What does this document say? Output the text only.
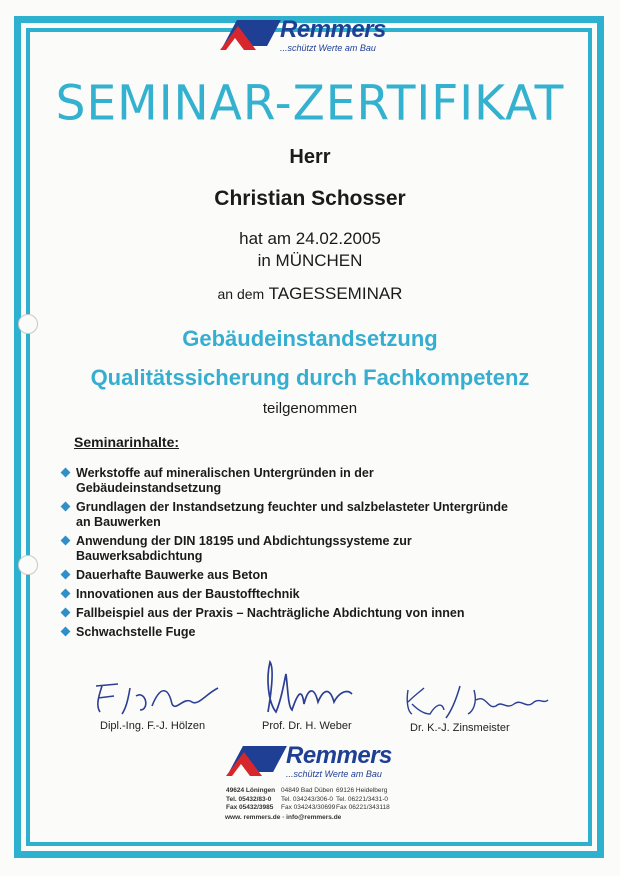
Remmers
...schützt Werte am Bau
SEMINAR-ZERTIFIKAT
Herr
Christian Schosser
hat am 24.02.2005
in MÜNCHEN
an dem TAGESSEMINAR
Gebäudeinstandsetzung
Qualitätssicherung durch Fachkompetenz
teilgenommen
Seminarinhalte:
Werkstoffe auf mineralischen Untergründen in der
Gebäudeinstandsetzung
Grundlagen der Instandsetzung feuchter und salzbelasteter Untergründe
an Bauwerken
Anwendung der DIN 18195 und Abdichtungssysteme zur
Bauwerksabdichtung
Dauerhafte Bauwerke aus Beton
Innovationen aus der Baustofftechnik
Fallbeispiel aus der Praxis – Nachträgliche Abdichtung von innen
Schwachstelle Fuge
Dipl.-Ing. F.-J. Hölzen	Prof. Dr. H. Weber	Dr. K.-J. Zinsmeister
Remmers
...schützt Werte am Bau
49624 Löningen
Tel. 05432/83-0
Fax 05432/3985
04849 Bad Düben
Tel. 034243/306-0
Fax 034243/30699
69126 Heidelberg
Tel. 06221/3431-0
Fax 06221/343118
www. remmers.de · info@remmers.de
